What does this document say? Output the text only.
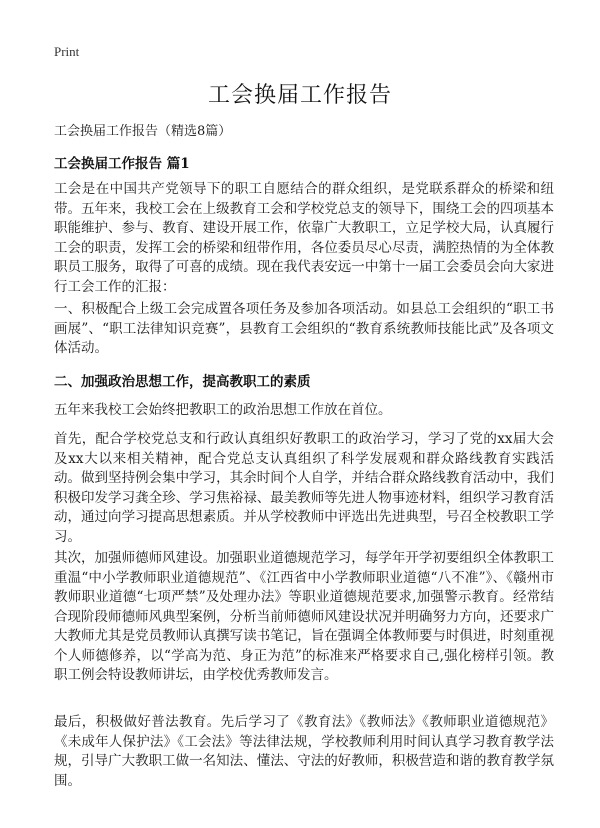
Print
工会换届工作报告
工会换届工作报告（精选8篇）
工会换届工作报告 篇1

工会是在中国共产党领导下的职工自愿结合的群众组织，是党联系群众的桥梁和纽带。五年来，我校工会在上级教育工会和学校党总支的领导下，围绕工会的四项基本职能维护、参与、教育、建设开展工作，依靠广大教职工，立足学校大局，认真履行工会的职责，发挥工会的桥梁和纽带作用，各位委员尽心尽责，满腔热情的为全体教职员工服务，取得了可喜的成绩。现在我代表安远一中第十一届工会委员会向大家进行工会工作的汇报：

一、积极配合上级工会完成置各项任务及参加各项活动。如县总工会组织的“职工书画展”、“职工法律知识竞赛”，县教育工会组织的“教育系统教师技能比武”及各项文体活动。

二、加强政治思想工作，提高教职工的素质

五年来我校工会始终把教职工的政治思想工作放在首位。

首先，配合学校党总支和行政认真组织好教职工的政治学习，学习了党的xx届大会及xx大以来相关精神，配合党总支认真组织了科学发展观和群众路线教育实践活动。做到坚持例会集中学习，其余时间个人自学，并结合群众路线教育活动中，我们积极印发学习龚全珍、学习焦裕禄、最美教师等先进人物事迹材料，组织学习教育活动，通过向学习提高思想素质。并从学校教师中评选出先进典型，号召全校教职工学习。

其次，加强师德师风建设。加强职业道德规范学习，每学年开学初要组织全体教职工重温“中小学教师职业道德规范”、《江西省中小学教师职业道德“八不准”》、《赣州市教师职业道德“七项严禁”及处理办法》等职业道德规范要求,加强警示教育。经常结合现阶段师德师风典型案例，分析当前师德师风建设状况并明确努力方向，还要求广大教师尤其是党员教师认真撰写读书笔记，旨在强调全体教师要与时俱进，时刻重视个人师德修养，以“学高为范、身正为范”的标准来严格要求自己,强化榜样引领。教职工例会特设教师讲坛，由学校优秀教师发言。

最后，积极做好普法教育。先后学习了《教育法》《教师法》《教师职业道德规范》《未成年人保护法》《工会法》等法律法规，学校教师利用时间认真学习教育教学法规，引导广大教职工做一名知法、懂法、守法的好教师，积极营造和谐的教育教学氛围。
